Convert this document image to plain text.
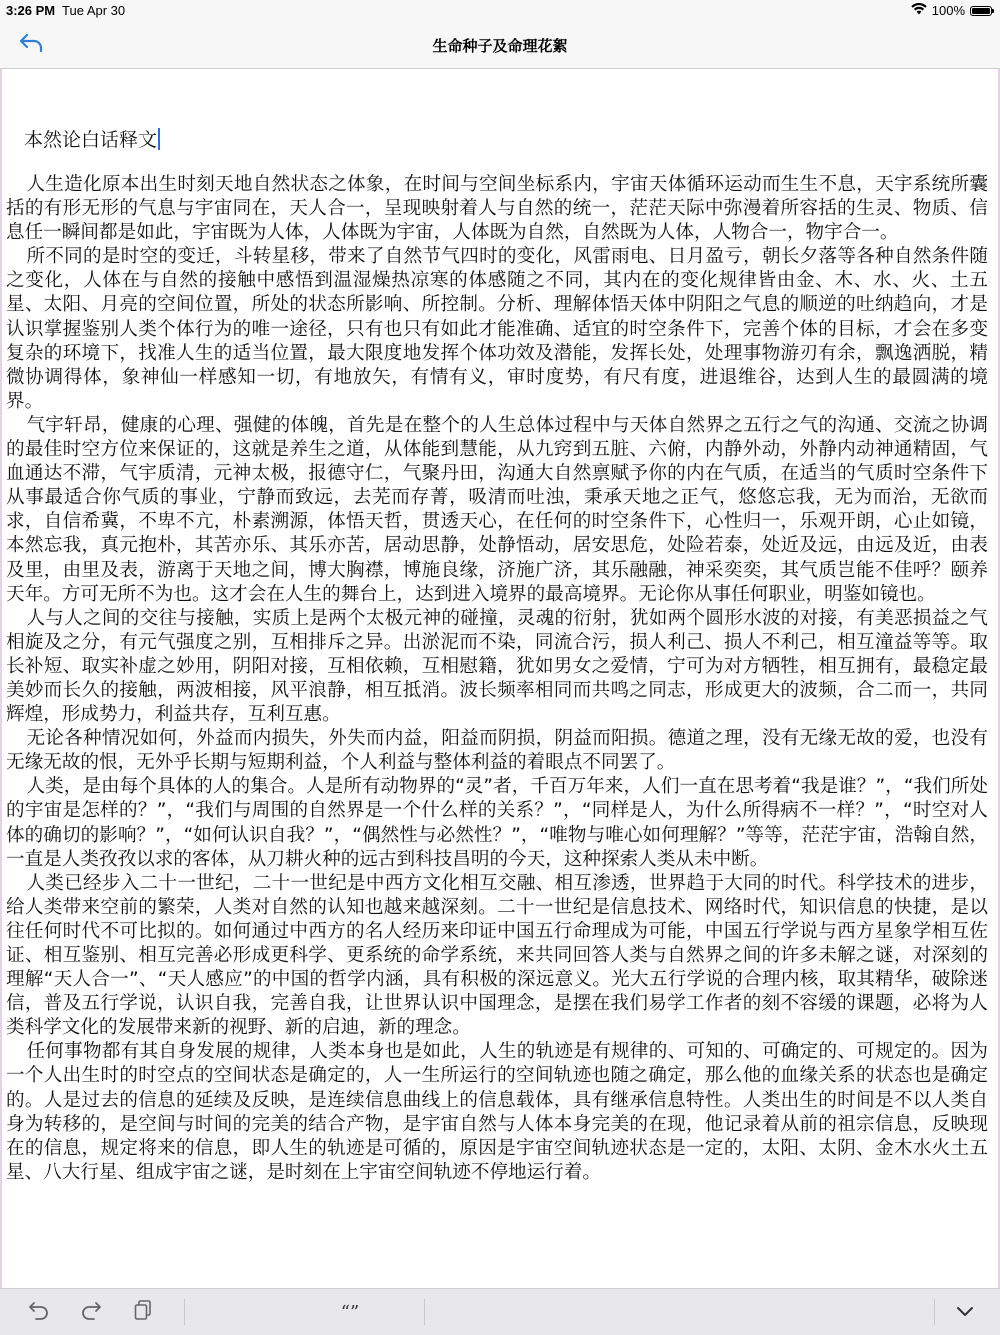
3:26 PM Tue Apr 30	100%
生命种子及命理花絮
本然论白话释文

人生造化原本出生时刻天地自然状态之体象，在时间与空间坐标系内，宇宙天体循环运动而生生不息，天宇系统所囊括的有形无形的气息与宇宙同在，天人合一，呈现映射着人与自然的统一，茫茫天际中弥漫着所容括的生灵、物质、信息任一瞬间都是如此，宇宙既为人体，人体既为宇宙，人体既为自然，自然既为人体，人物合一，物宇合一。

所不同的是时空的变迁，斗转星移，带来了自然节气四时的变化，风雷雨电、日月盈亏，朝长夕落等各种自然条件随之变化，人体在与自然的接触中感悟到温湿燥热凉寒的体感随之不同，其内在的变化规律皆由金、木、水、火、土五星、太阳、月亮的空间位置，所处的状态所影响、所控制。分析、理解体悟天体中阴阳之气息的顺逆的吐纳趋向，才是认识掌握鉴别人类个体行为的唯一途径，只有也只有如此才能准确、适宜的时空条件下，完善个体的目标，才会在多变复杂的环境下，找准人生的适当位置，最大限度地发挥个体功效及潜能，发挥长处，处理事物游刃有余，飘逸洒脱，精微协调得体，象神仙一样感知一切，有地放矢，有情有义，审时度势，有尺有度，进退维谷，达到人生的最圆满的境界。

气宇轩昂，健康的心理、强健的体魄，首先是在整个的人生总体过程中与天体自然界之五行之气的沟通、交流之协调的最佳时空方位来保证的，这就是养生之道，从体能到慧能，从九窍到五脏、六俯，内静外动，外静内动神通精固，气血通达不滞，气宇质清，元神太极，报德守仁，气聚丹田，沟通大自然禀赋予你的内在气质，在适当的气质时空条件下从事最适合你气质的事业，宁静而致远，去芜而存菁，吸清而吐浊，秉承天地之正气，悠悠忘我，无为而治，无欲而求，自信希冀，不卑不亢，朴素溯源，体悟天哲，贯透天心，在任何的时空条件下，心性归一，乐观开朗，心止如镜，本然忘我，真元抱朴，其苦亦乐、其乐亦苦，居动思静，处静悟动，居安思危，处险若泰，处近及远，由远及近，由表及里，由里及表，游离于天地之间，博大胸襟，博施良缘，济施广济，其乐融融，神采奕奕，其气质岂能不佳呼？颐养天年。方可无所不为也。这才会在人生的舞台上，达到进入境界的最高境界。无论你从事任何职业，明鉴如镜也。

人与人之间的交往与接触，实质上是两个太极元神的碰撞，灵魂的衍射，犹如两个圆形水波的对接，有美恶损益之气相旋及之分，有元气强度之别，互相排斥之异。出淤泥而不染，同流合污，损人利己、损人不利己，相互潼益等等。取长补短、取实补虚之妙用，阴阳对接，互相依赖，互相慰籍，犹如男女之爱情，宁可为对方牺牲，相互拥有，最稳定最美妙而长久的接触，两波相接，风平浪静，相互抵消。波长频率相同而共鸣之同志，形成更大的波频，合二而一，共同辉煌，形成势力，利益共存，互利互惠。

无论各种情况如何，外益而内损失，外失而内益，阳益而阴损，阴益而阳损。德道之理，没有无缘无故的爱，也没有无缘无故的恨，无外乎长期与短期利益，个人利益与整体利益的着眼点不同罢了。

人类，是由每个具体的人的集合。人是所有动物界的“灵”者，千百万年来，人们一直在思考着“我是谁？”，“我们所处的宇宙是怎样的？”，“我们与周围的自然界是一个什么样的关系？”，“同样是人，为什么所得病不一样？”，“时空对人体的确切的影响？”，“如何认识自我？”，“偶然性与必然性？”，“唯物与唯心如何理解？”等等，茫茫宇宙，浩翰自然，一直是人类孜孜以求的客体，从刀耕火种的远古到科技昌明的今天，这种探索人类从未中断。

人类已经步入二十一世纪，二十一世纪是中西方文化相互交融、相互渗透，世界趋于大同的时代。科学技术的进步，给人类带来空前的繁荣，人类对自然的认知也越来越深刻。二十一世纪是信息技术、网络时代，知识信息的快捷，是以往任何时代不可比拟的。如何通过中西方的名人经历来印证中国五行命理成为可能，中国五行学说与西方星象学相互佐证、相互鉴别、相互完善必形成更科学、更系统的命学系统，来共同回答人类与自然界之间的许多未解之谜，对深刻的理解“天人合一”、“天人感应”的中国的哲学内涵，具有积极的深远意义。光大五行学说的合理内核，取其精华，破除迷信，普及五行学说，认识自我，完善自我，让世界认识中国理念，是摆在我们易学工作者的刻不容缓的课题，必将为人类科学文化的发展带来新的视野、新的启迪，新的理念。

任何事物都有其自身发展的规律，人类本身也是如此，人生的轨迹是有规律的、可知的、可确定的、可规定的。因为一个人出生时的时空点的空间状态是确定的，人一生所运行的空间轨迹也随之确定，那么他的血缘关系的状态也是确定的。人是过去的信息的延续及反映，是连续信息曲线上的信息载体，具有继承信息特性。人类出生的时间是不以人类自身为转移的，是空间与时间的完美的结合产物，是宇宙自然与人体本身完美的在现，他记录着从前的祖宗信息，反映现在的信息，规定将来的信息，即人生的轨迹是可循的，原因是宇宙空间轨迹状态是一定的，太阳、太阴、金木水火土五星、八大行星、组成宇宙之谜，是时刻在上宇宙空间轨迹不停地运行着。

“”
